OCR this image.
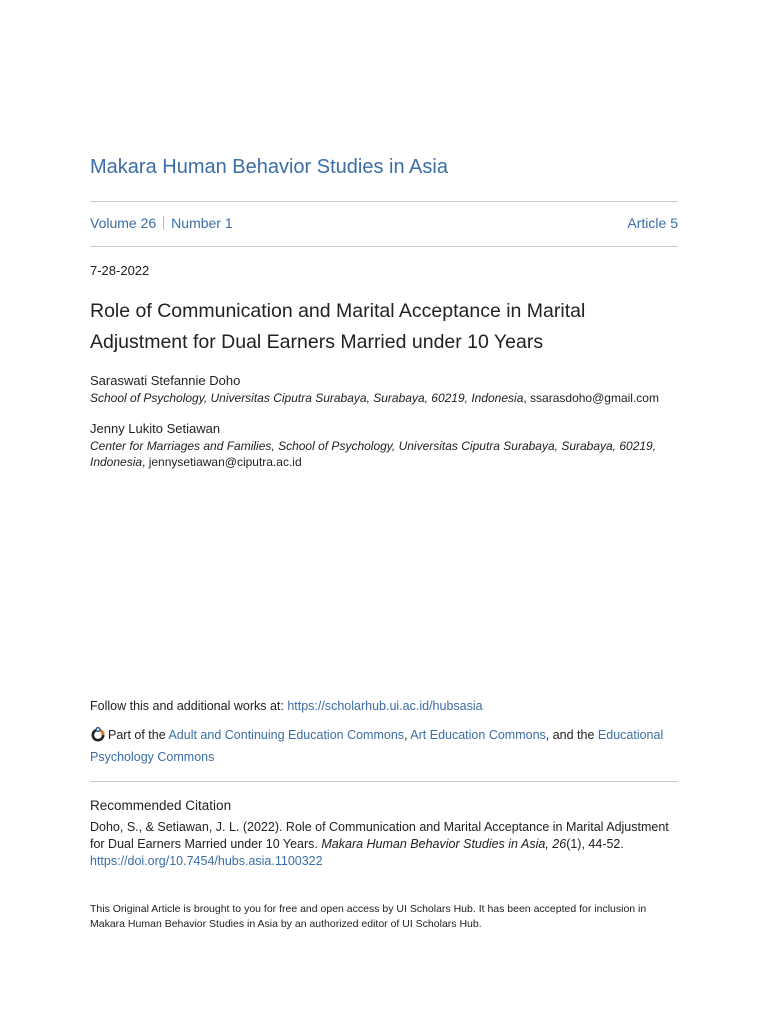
Makara Human Behavior Studies in Asia
Volume 26 Number 1	Article 5
7-28-2022
Role of Communication and Marital Acceptance in Marital Adjustment for Dual Earners Married under 10 Years
Saraswati Stefannie Doho
School of Psychology, Universitas Ciputra Surabaya, Surabaya, 60219, Indonesia, ssarasdoho@gmail.com
Jenny Lukito Setiawan
Center for Marriages and Families, School of Psychology, Universitas Ciputra Surabaya, Surabaya, 60219, Indonesia, jennysetiawan@ciputra.ac.id
Follow this and additional works at: https://scholarhub.ui.ac.id/hubsasia
Part of the Adult and Continuing Education Commons, Art Education Commons, and the Educational Psychology Commons
Recommended Citation
Doho, S., & Setiawan, J. L. (2022). Role of Communication and Marital Acceptance in Marital Adjustment for Dual Earners Married under 10 Years. Makara Human Behavior Studies in Asia, 26(1), 44-52.
https://doi.org/10.7454/hubs.asia.1100322
This Original Article is brought to you for free and open access by UI Scholars Hub. It has been accepted for inclusion in Makara Human Behavior Studies in Asia by an authorized editor of UI Scholars Hub.
